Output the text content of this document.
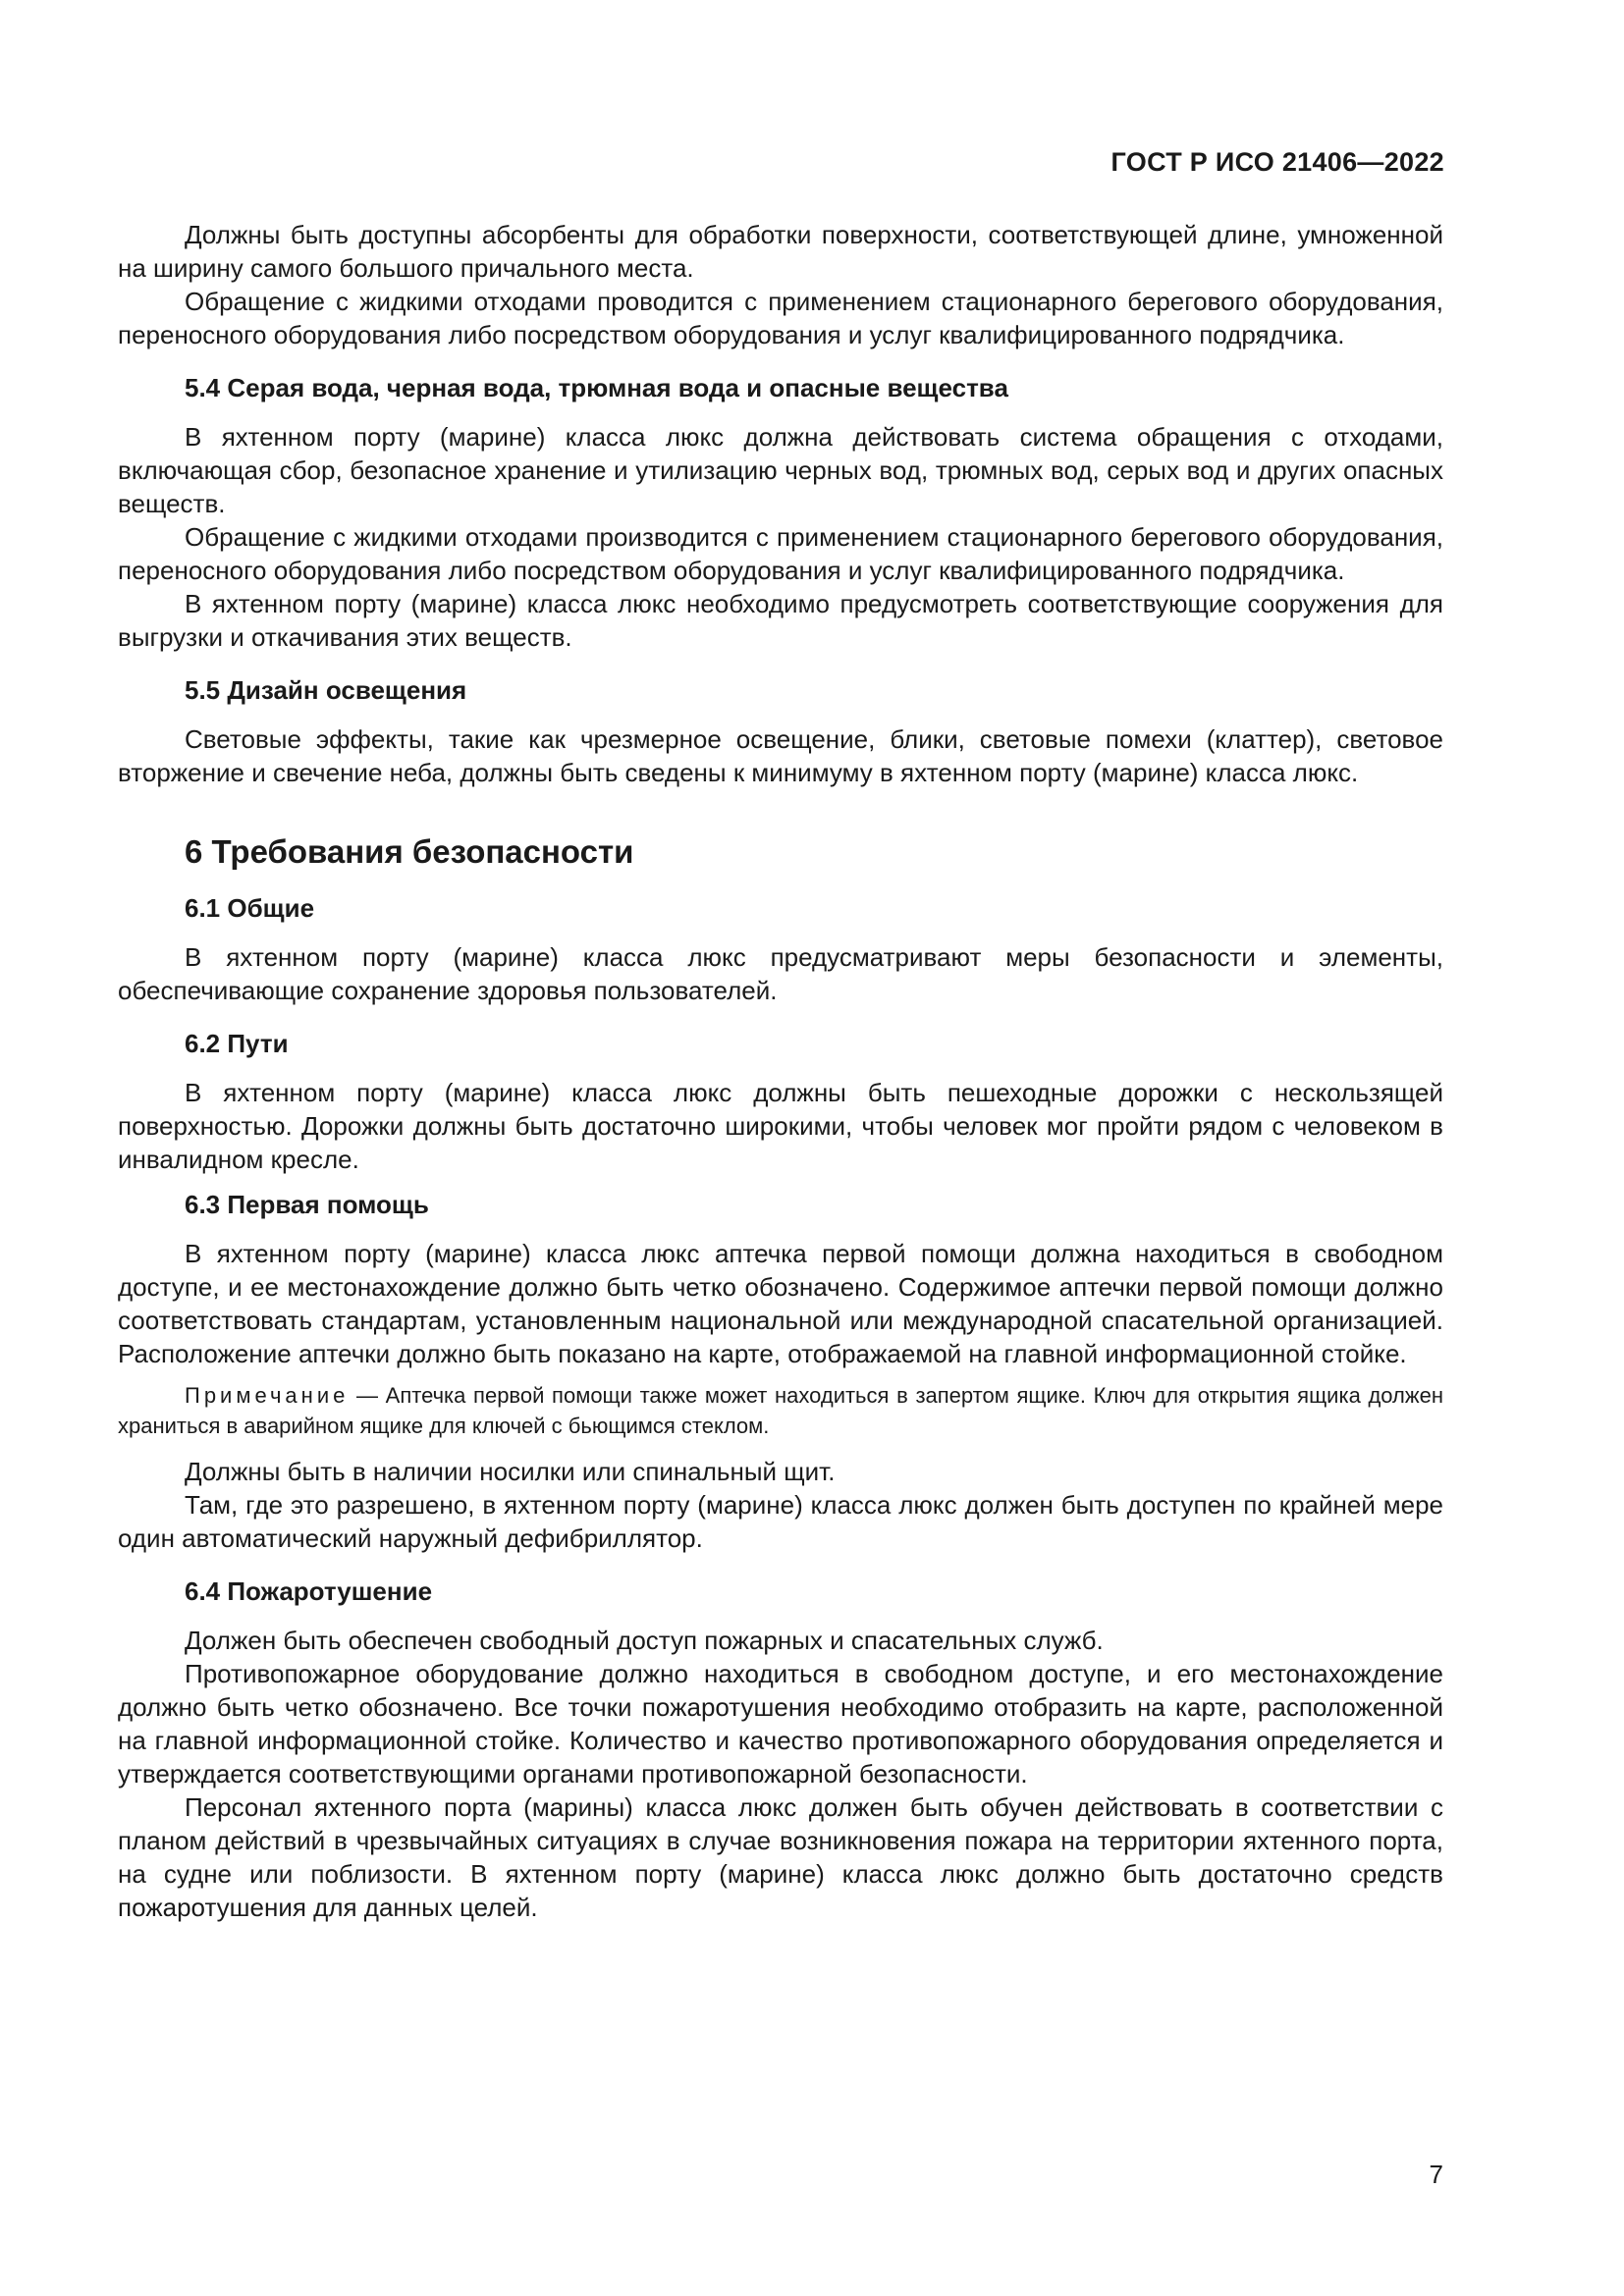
ГОСТ Р ИСО 21406—2022

Должны быть доступны абсорбенты для обработки поверхности, соответствующей длине, умноженной на ширину самого большого причального места.

Обращение с жидкими отходами проводится с применением стационарного берегового оборудования, переносного оборудования либо посредством оборудования и услуг квалифицированного подрядчика.

5.4 Серая вода, черная вода, трюмная вода и опасные вещества

В яхтенном порту (марине) класса люкс должна действовать система обращения с отходами, включающая сбор, безопасное хранение и утилизацию черных вод, трюмных вод, серых вод и других опасных веществ.

Обращение с жидкими отходами производится с применением стационарного берегового оборудования, переносного оборудования либо посредством оборудования и услуг квалифицированного подрядчика.

В яхтенном порту (марине) класса люкс необходимо предусмотреть соответствующие сооружения для выгрузки и откачивания этих веществ.

5.5 Дизайн освещения

Световые эффекты, такие как чрезмерное освещение, блики, световые помехи (клаттер), световое вторжение и свечение неба, должны быть сведены к минимуму в яхтенном порту (марине) класса люкс.

6 Требования безопасности
6.1 Общие

В яхтенном порту (марине) класса люкс предусматривают меры безопасности и элементы, обеспечивающие сохранение здоровья пользователей.

6.2 Пути

В яхтенном порту (марине) класса люкс должны быть пешеходные дорожки с нескользящей поверхностью. Дорожки должны быть достаточно широкими, чтобы человек мог пройти рядом с человеком в инвалидном кресле.

6.3 Первая помощь

В яхтенном порту (марине) класса люкс аптечка первой помощи должна находиться в свободном доступе, и ее местонахождение должно быть четко обозначено. Содержимое аптечки первой помощи должно соответствовать стандартам, установленным национальной или международной спасательной организацией. Расположение аптечки должно быть показано на карте, отображаемой на главной информационной стойке.

Примечание — Аптечка первой помощи также может находиться в запертом ящике. Ключ для открытия ящика должен храниться в аварийном ящике для ключей с бьющимся стеклом.

Должны быть в наличии носилки или спинальный щит.

Там, где это разрешено, в яхтенном порту (марине) класса люкс должен быть доступен по крайней мере один автоматический наружный дефибриллятор.

6.4 Пожаротушение

Должен быть обеспечен свободный доступ пожарных и спасательных служб.

Противопожарное оборудование должно находиться в свободном доступе, и его местонахождение должно быть четко обозначено. Все точки пожаротушения необходимо отобразить на карте, расположенной на главной информационной стойке. Количество и качество противопожарного оборудования определяется и утверждается соответствующими органами противопожарной безопасности.

Персонал яхтенного порта (марины) класса люкс должен быть обучен действовать в соответствии с планом действий в чрезвычайных ситуациях в случае возникновения пожара на территории яхтенного порта, на судне или поблизости. В яхтенном порту (марине) класса люкс должно быть достаточно средств пожаротушения для данных целей.

7
